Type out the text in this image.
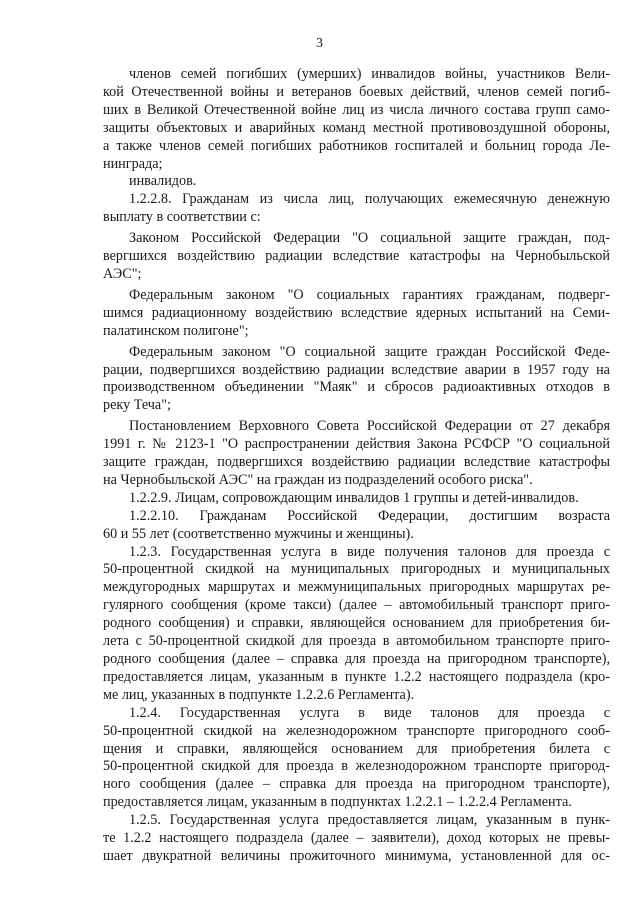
3
членов семей погибших (умерших) инвалидов войны, участников Вели-
кой Отечественной войны и ветеранов боевых действий, членов семей погиб-
ших в Великой Отечественной войне лиц из числа личного состава групп само-
защиты объектовых и аварийных команд местной противовоздушной обороны,
а также членов семей погибших работников госпиталей и больниц города Ле-
нинграда;
инвалидов.
1.2.2.8. Гражданам из числа лиц, получающих ежемесячную денежную
выплату в соответствии с:
Законом Российской Федерации "О социальной защите граждан, под-
вергшихся воздействию радиации вследствие катастрофы на Чернобыльской
АЭС";
Федеральным законом "О социальных гарантиях гражданам, подверг-
шимся радиационному воздействию вследствие ядерных испытаний на Семи-
палатинском полигоне";
Федеральным законом "О социальной защите граждан Российской Феде-
рации, подвергшихся воздействию радиации вследствие аварии в 1957 году на
производственном объединении "Маяк" и сбросов радиоактивных отходов в
реку Теча";
Постановлением Верховного Совета Российской Федерации от 27 декабря
1991 г. № 2123-1 "О распространении действия Закона РСФСР "О социальной
защите граждан, подвергшихся воздействию радиации вследствие катастрофы
на Чернобыльской АЭС" на граждан из подразделений особого риска".
1.2.2.9. Лицам, сопровождающим инвалидов 1 группы и детей-инвалидов.
1.2.2.10. Гражданам Российской Федерации, достигшим возраста
60 и 55 лет (соответственно мужчины и женщины).
1.2.3. Государственная услуга в виде получения талонов для проезда с
50-процентной скидкой на муниципальных пригородных и муниципальных
междугородных маршрутах и межмуниципальных пригородных маршрутах ре-
гулярного сообщения (кроме такси) (далее – автомобильный транспорт приго-
родного сообщения) и справки, являющейся основанием для приобретения би-
лета с 50-процентной скидкой для проезда в автомобильном транспорте приго-
родного сообщения (далее – справка для проезда на пригородном транспорте),
предоставляется лицам, указанным в пункте 1.2.2 настоящего подраздела (кро-
ме лиц, указанных в подпункте 1.2.2.6 Регламента).
1.2.4. Государственная услуга в виде талонов для проезда с
50-процентной скидкой на железнодорожном транспорте пригородного сооб-
щения и справки, являющейся основанием для приобретения билета с
50-процентной скидкой для проезда в железнодорожном транспорте пригород-
ного сообщения (далее – справка для проезда на пригородном транспорте),
предоставляется лицам, указанным в подпунктах 1.2.2.1 – 1.2.2.4 Регламента.
1.2.5. Государственная услуга предоставляется лицам, указанным в пунк-
те 1.2.2 настоящего подраздела (далее – заявители), доход которых не превы-
шает двукратной величины прожиточного минимума, установленной для ос-
